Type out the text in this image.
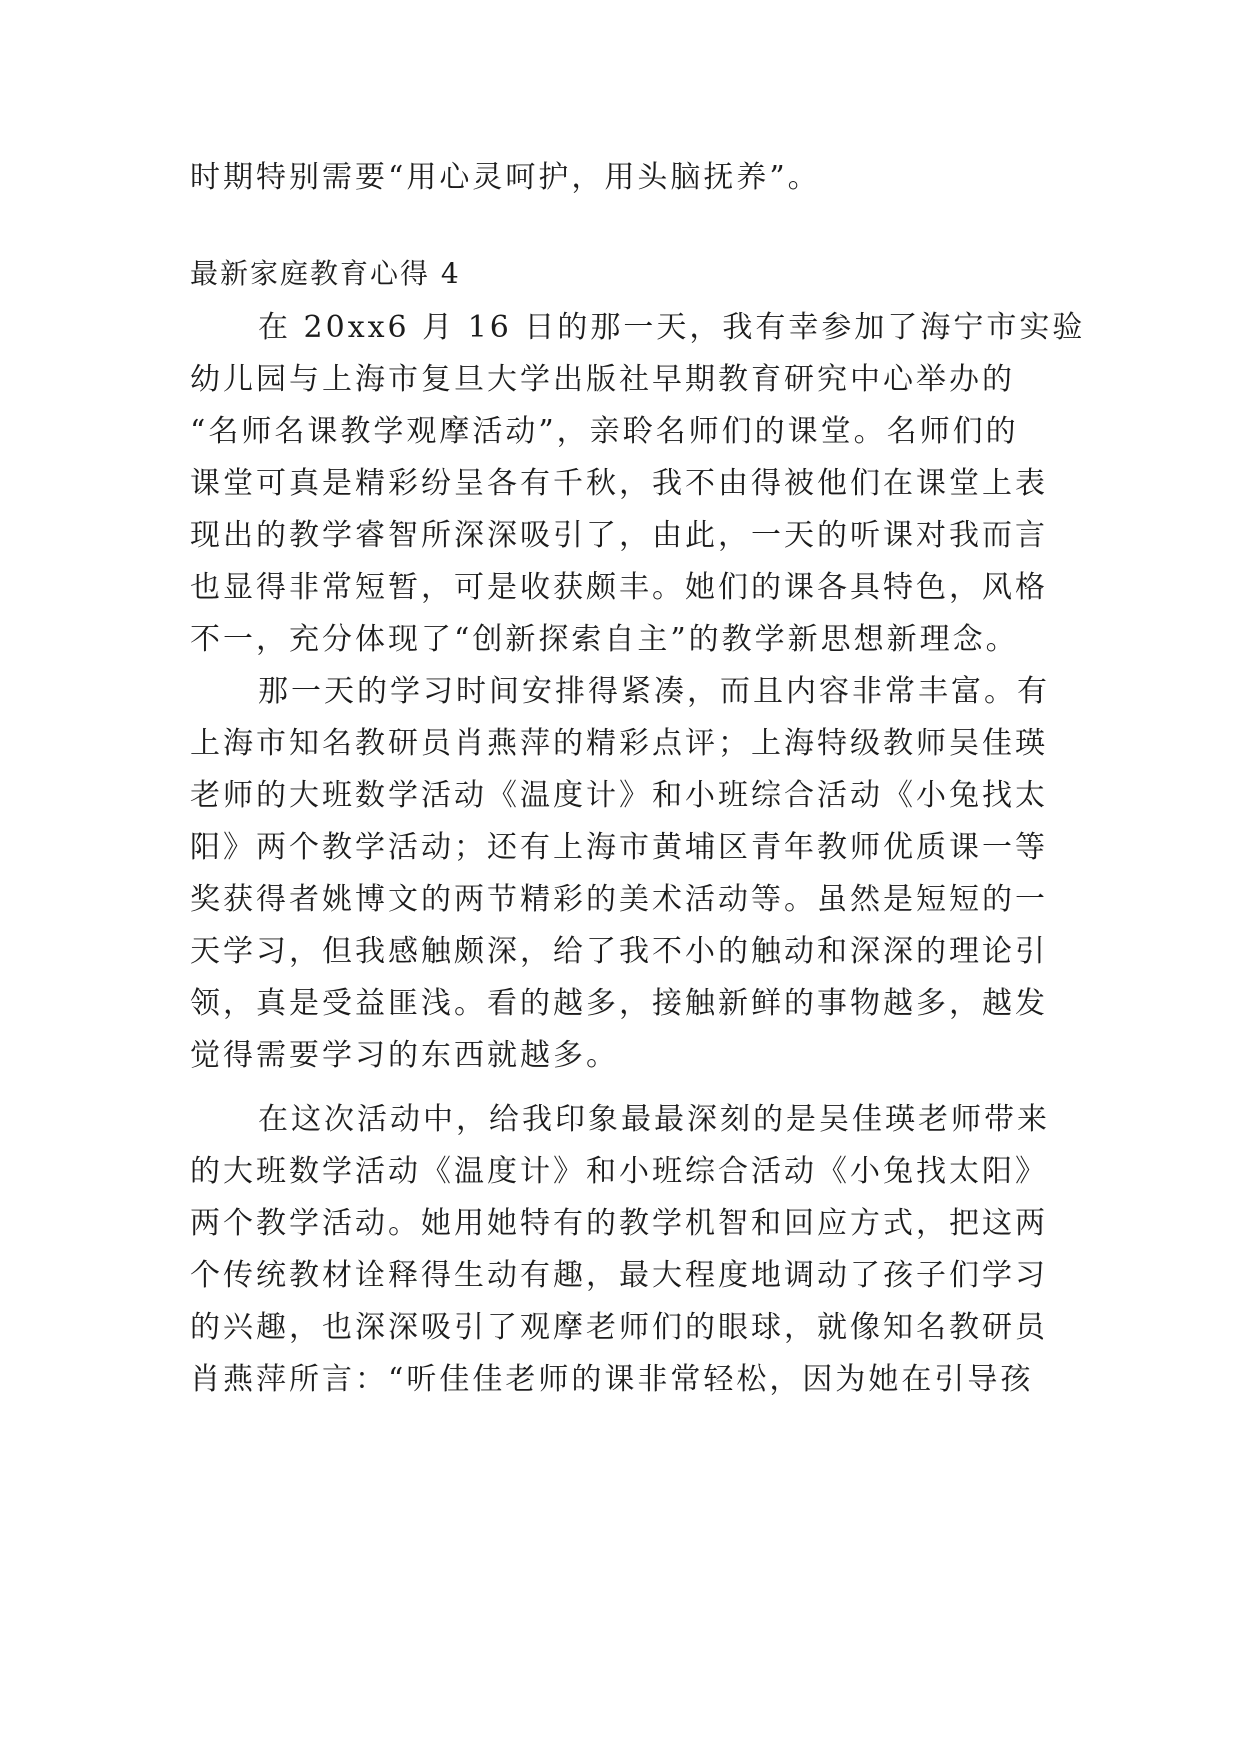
时期特别需要“用心灵呵护，用头脑抚养”。
最新家庭教育心得 4
在 20xx6 月 16 日的那一天，我有幸参加了海宁市实验
幼儿园与上海市复旦大学出版社早期教育研究中心举办的
“名师名课教学观摩活动”，亲聆名师们的课堂。名师们的
课堂可真是精彩纷呈各有千秋，我不由得被他们在课堂上表
现出的教学睿智所深深吸引了，由此，一天的听课对我而言
也显得非常短暂，可是收获颇丰。她们的课各具特色，风格
不一，充分体现了“创新探索自主”的教学新思想新理念。
那一天的学习时间安排得紧凑，而且内容非常丰富。有
上海市知名教研员肖燕萍的精彩点评；上海特级教师吴佳瑛
老师的大班数学活动《温度计》和小班综合活动《小兔找太
阳》两个教学活动；还有上海市黄埔区青年教师优质课一等
奖获得者姚博文的两节精彩的美术活动等。虽然是短短的一
天学习，但我感触颇深，给了我不小的触动和深深的理论引
领，真是受益匪浅。看的越多，接触新鲜的事物越多，越发
觉得需要学习的东西就越多。
在这次活动中，给我印象最最深刻的是吴佳瑛老师带来
的大班数学活动《温度计》和小班综合活动《小兔找太阳》
两个教学活动。她用她特有的教学机智和回应方式，把这两
个传统教材诠释得生动有趣，最大程度地调动了孩子们学习
的兴趣，也深深吸引了观摩老师们的眼球，就像知名教研员
肖燕萍所言：“听佳佳老师的课非常轻松，因为她在引导孩
